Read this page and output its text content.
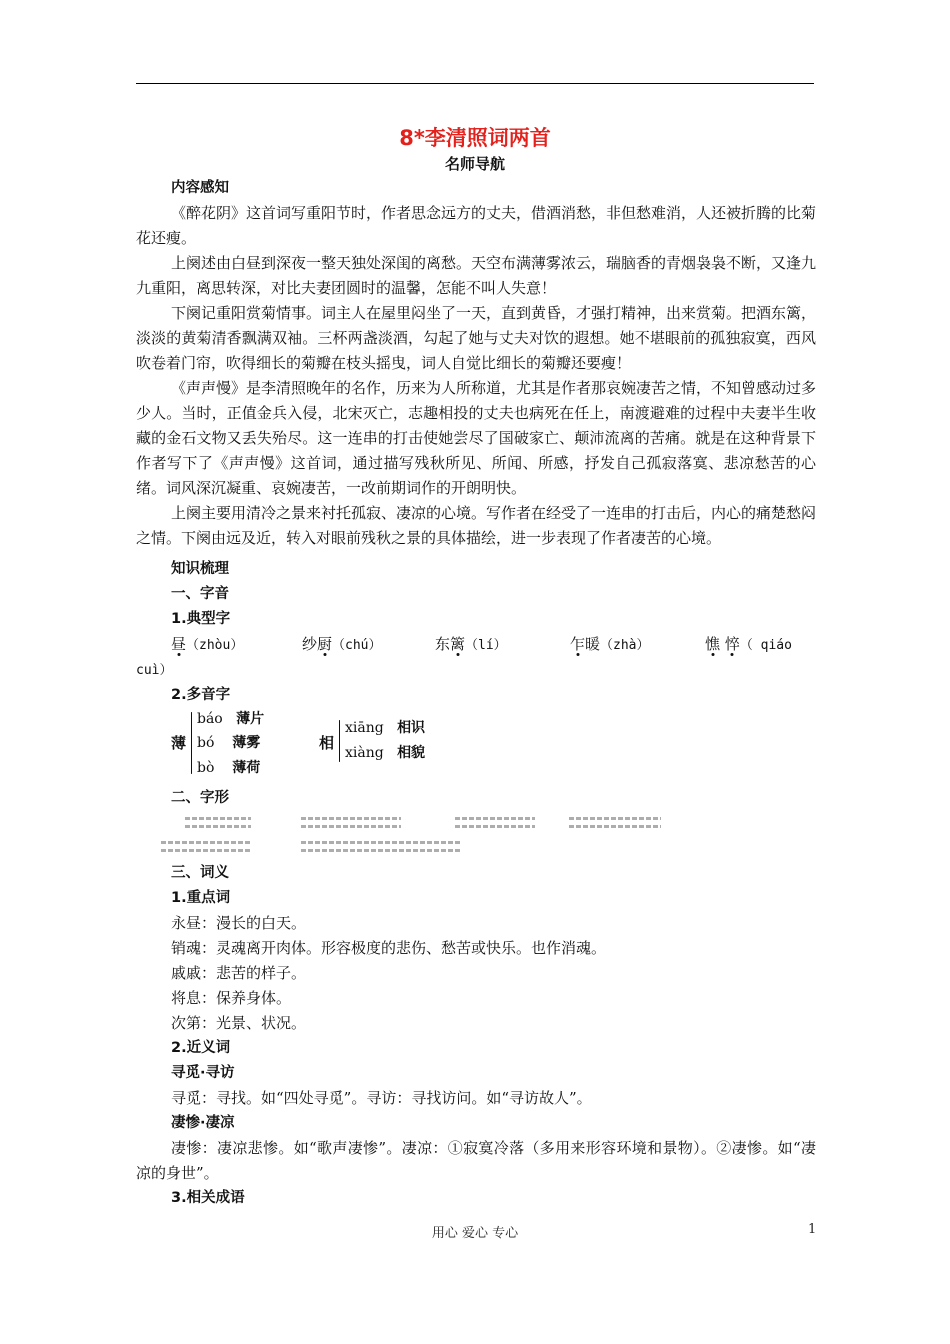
8*李清照词两首
名师导航
内容感知

《醉花阴》这首词写重阳节时，作者思念远方的丈夫，借酒消愁，非但愁难消，人还被折腾的比菊花还瘦。

上阕述由白昼到深夜一整天独处深闺的离愁。天空布满薄雾浓云，瑞脑香的青烟袅袅不断，又逢九九重阳，离思转深，对比夫妻团圆时的温馨，怎能不叫人失意！

下阕记重阳赏菊情事。词主人在屋里闷坐了一天，直到黄昏，才强打精神，出来赏菊。把酒东篱，淡淡的黄菊清香飘满双袖。三杯两盏淡酒，勾起了她与丈夫对饮的遐想。她不堪眼前的孤独寂寞，西风吹卷着门帘，吹得细长的菊瓣在枝头摇曳，词人自觉比细长的菊瓣还要瘦！

《声声慢》是李清照晚年的名作，历来为人所称道，尤其是作者那哀婉凄苦之情，不知曾感动过多少人。当时，正值金兵入侵，北宋灭亡，志趣相投的丈夫也病死在任上，南渡避难的过程中夫妻半生收藏的金石文物又丢失殆尽。这一连串的打击使她尝尽了国破家亡、颠沛流离的苦痛。就是在这种背景下作者写下了《声声慢》这首词，通过描写残秋所见、所闻、所感，抒发自己孤寂落寞、悲凉愁苦的心绪。词风深沉凝重、哀婉凄苦，一改前期词作的开朗明快。

上阕主要用清冷之景来衬托孤寂、凄凉的心境。写作者在经受了一连串的打击后，内心的痛楚愁闷之情。下阕由远及近，转入对眼前残秋之景的具体描绘，进一步表现了作者凄苦的心境。

知识梳理
一、字音
1.典型字
昼（zhòu）	纱厨（chú）	东篱（lí）	乍暖（zhà）	憔 悴（ qiáo
cuì）
2.多音字
薄
báo 薄片
bó 薄雾
bò 薄荷
相
xiāng 相识
xiàng 相貌
二、字形
三、词义
1.重点词

永昼：漫长的白天。

销魂：灵魂离开肉体。形容极度的悲伤、愁苦或快乐。也作消魂。

戚戚：悲苦的样子。

将息：保养身体。

次第：光景、状况。

2.近义词
寻觅·寻访

寻觅：寻找。如“四处寻觅”。寻访：寻找访问。如“寻访故人”。

凄惨·凄凉

凄惨：凄凉悲惨。如“歌声凄惨”。凄凉：①寂寞冷落（多用来形容环境和景物）。②凄惨。如“凄凉的身世”。

3.相关成语
用心 爱心 专心	1
